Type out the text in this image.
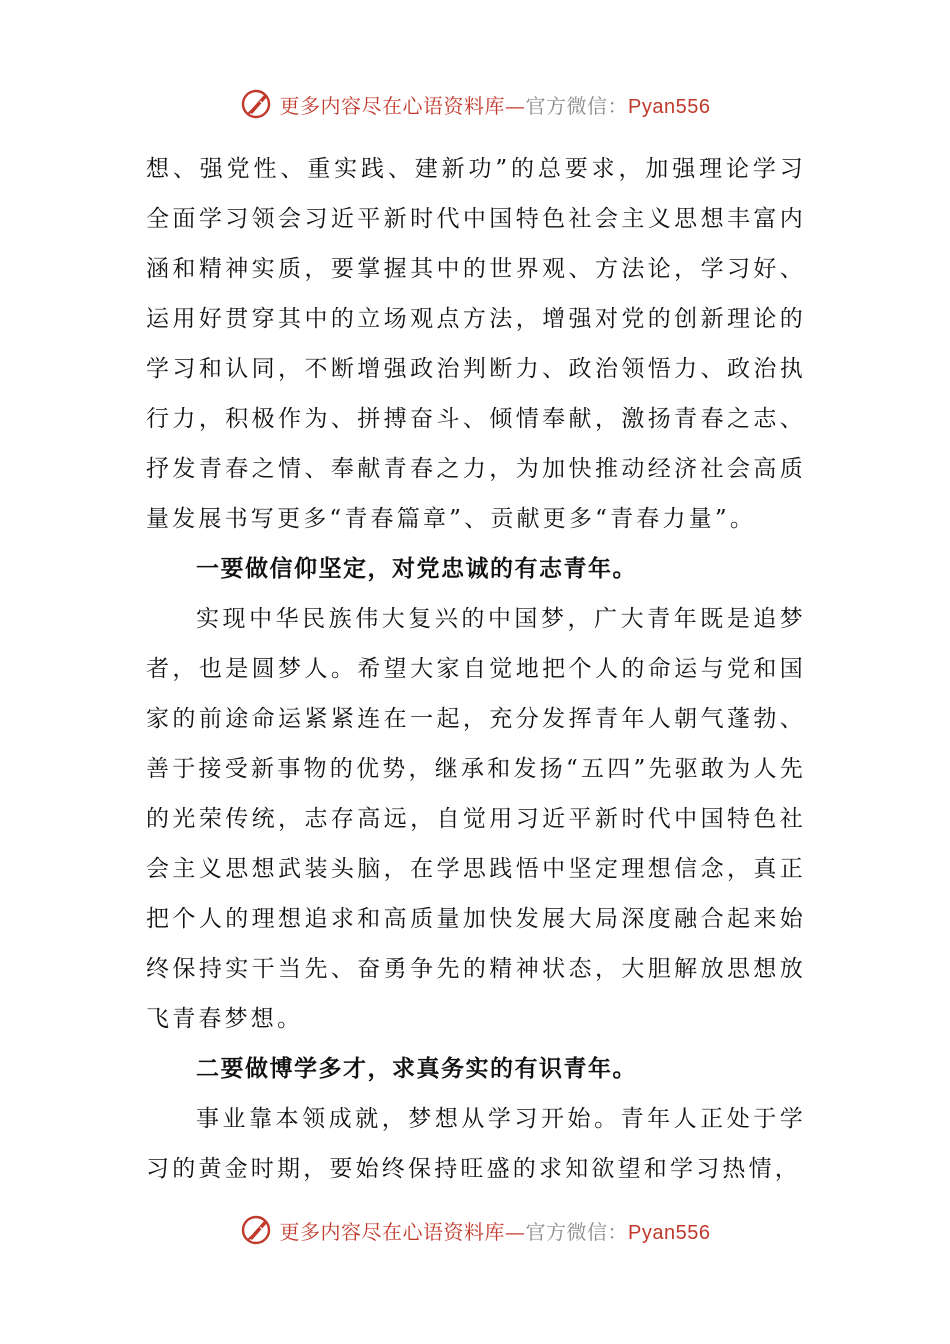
更多内容尽在心语资料库—官方微信：Pyan556

想、强党性、重实践、建新功”的总要求，加强理论学习全面学习领会习近平新时代中国特色社会主义思想丰富内涵和精神实质，要掌握其中的世界观、方法论，学习好、运用好贯穿其中的立场观点方法，增强对党的创新理论的学习和认同，不断增强政治判断力、政治领悟力、政治执行力，积极作为、拼搏奋斗、倾情奉献，激扬青春之志、抒发青春之情、奉献青春之力，为加快推动经济社会高质量发展书写更多“青春篇章”、贡献更多“青春力量”。

一要做信仰坚定，对党忠诚的有志青年。

实现中华民族伟大复兴的中国梦，广大青年既是追梦者，也是圆梦人。希望大家自觉地把个人的命运与党和国家的前途命运紧紧连在一起，充分发挥青年人朝气蓬勃、善于接受新事物的优势，继承和发扬“五四”先驱敢为人先的光荣传统，志存高远，自觉用习近平新时代中国特色社会主义思想武装头脑，在学思践悟中坚定理想信念，真正把个人的理想追求和高质量加快发展大局深度融合起来始终保持实干当先、奋勇争先的精神状态，大胆解放思想放飞青春梦想。

二要做博学多才，求真务实的有识青年。

事业靠本领成就，梦想从学习开始。青年人正处于学习的黄金时期，要始终保持旺盛的求知欲望和学习热情，

更多内容尽在心语资料库—官方微信：Pyan556
